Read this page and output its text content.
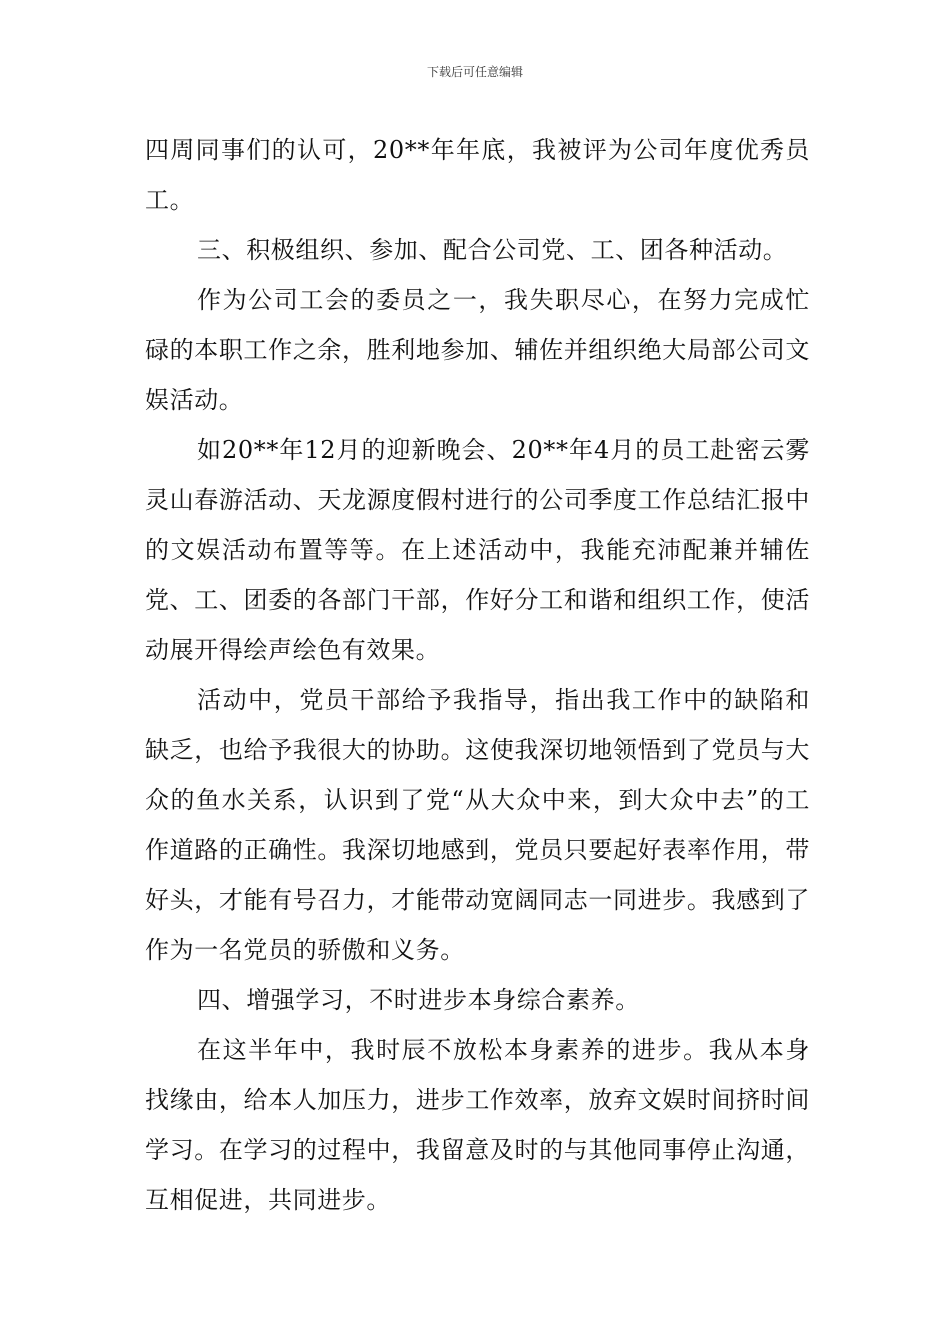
下载后可任意编辑

四周同事们的认可，20**年年底，我被评为公司年度优秀员工。

三、积极组织、参加、配合公司党、工、团各种活动。

作为公司工会的委员之一，我失职尽心，在努力完成忙碌的本职工作之余，胜利地参加、辅佐并组织绝大局部公司文娱活动。

如20**年12月的迎新晚会、20**年4月的员工赴密云雾灵山春游活动、天龙源度假村进行的公司季度工作总结汇报中的文娱活动布置等等。在上述活动中，我能充沛配兼并辅佐党、工、团委的各部门干部，作好分工和谐和组织工作，使活动展开得绘声绘色有效果。

活动中，党员干部给予我指导，指出我工作中的缺陷和缺乏，也给予我很大的协助。这使我深切地领悟到了党员与大众的鱼水关系，认识到了党“从大众中来，到大众中去”的工作道路的正确性。我深切地感到，党员只要起好表率作用，带好头，才能有号召力，才能带动宽阔同志一同进步。我感到了作为一名党员的骄傲和义务。

四、增强学习，不时进步本身综合素养。

在这半年中，我时辰不放松本身素养的进步。我从本身找缘由，给本人加压力，进步工作效率，放弃文娱时间挤时间学习。在学习的过程中，我留意及时的与其他同事停止沟通，互相促进，共同进步。
